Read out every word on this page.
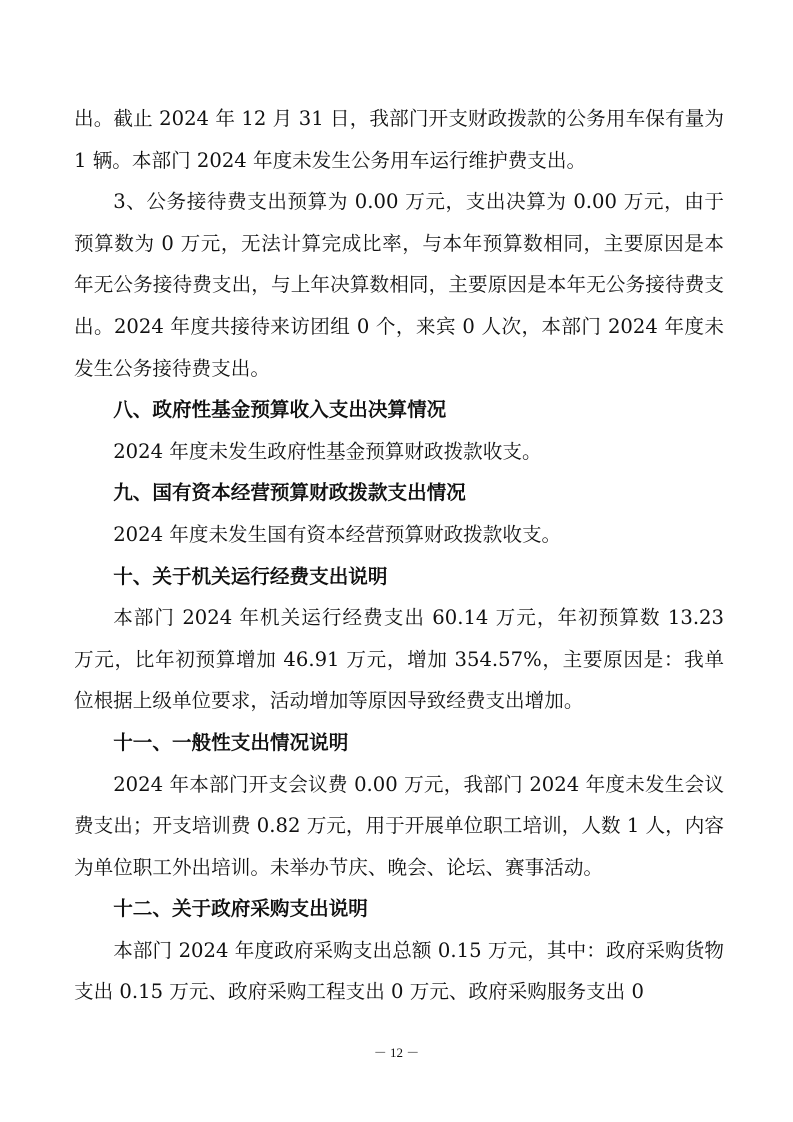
出。截止 2024 年 12 月 31 日，我部门开支财政拨款的公务用车保有量为 1 辆。本部门 2024 年度未发生公务用车运行维护费支出。

3、公务接待费支出预算为 0.00 万元，支出决算为 0.00 万元，由于预算数为 0 万元，无法计算完成比率，与本年预算数相同，主要原因是本年无公务接待费支出，与上年决算数相同，主要原因是本年无公务接待费支出。2024 年度共接待来访团组 0 个，来宾 0 人次，本部门 2024 年度未发生公务接待费支出。

八、政府性基金预算收入支出决算情况

2024 年度未发生政府性基金预算财政拨款收支。

九、国有资本经营预算财政拨款支出情况

2024 年度未发生国有资本经营预算财政拨款收支。

十、关于机关运行经费支出说明

本部门 2024 年机关运行经费支出 60.14 万元，年初预算数 13.23 万元，比年初预算增加 46.91 万元，增加 354.57%，主要原因是：我单位根据上级单位要求，活动增加等原因导致经费支出增加。

十一、一般性支出情况说明

2024 年本部门开支会议费 0.00 万元，我部门 2024 年度未发生会议费支出；开支培训费 0.82 万元，用于开展单位职工培训，人数 1 人，内容为单位职工外出培训。未举办节庆、晚会、论坛、赛事活动。

十二、关于政府采购支出说明

本部门 2024 年度政府采购支出总额 0.15 万元，其中：政府采购货物支出 0.15 万元、政府采购工程支出 0 万元、政府采购服务支出 0

－ 12 －
